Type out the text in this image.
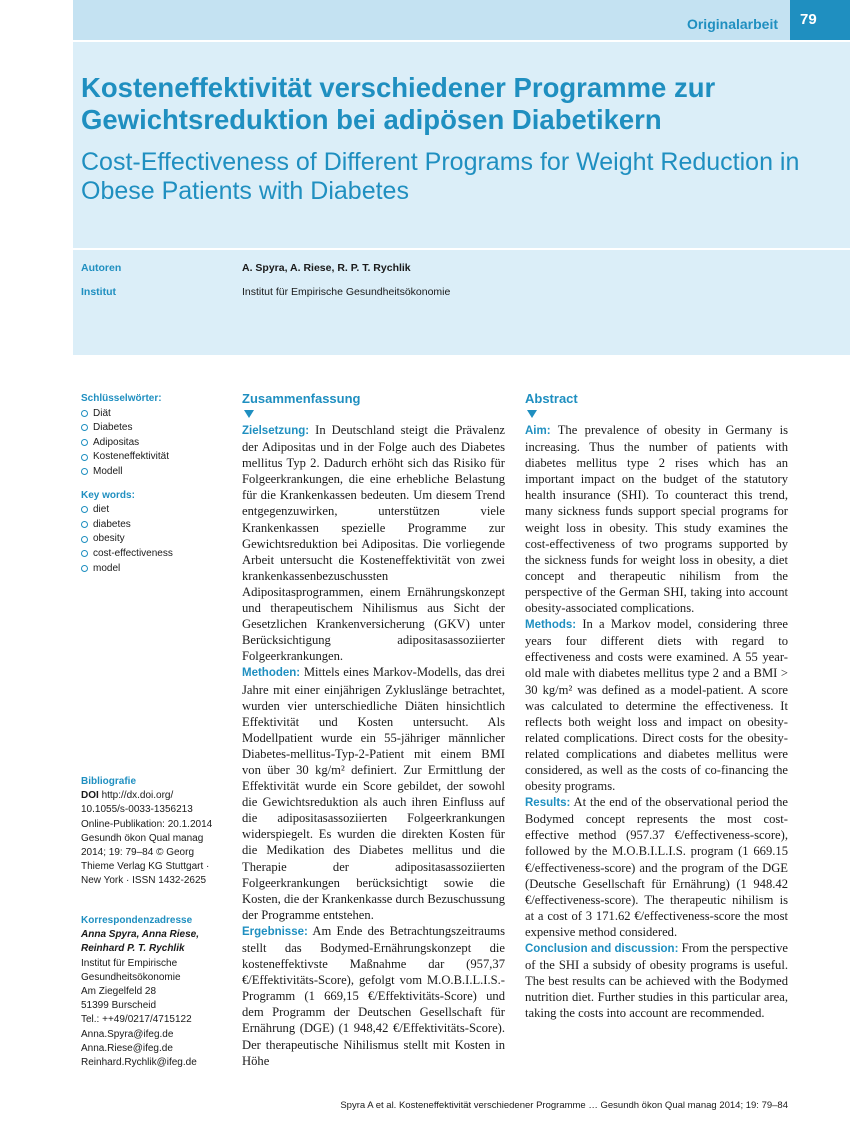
Originalarbeit	79
Kosteneffektivität verschiedener Programme zur Gewichtsreduktion bei adipösen Diabetikern
Cost-Effectiveness of Different Programs for Weight Reduction in Obese Patients with Diabetes
Autoren	A. Spyra, A. Riese, R. P. T. Rychlik
Institut	Institut für Empirische Gesundheitsökonomie
Schlüsselwörter:
Diät
Diabetes
Adipositas
Kosteneffektivität
Modell
Key words:
diet
diabetes
obesity
cost-effectiveness
model
Bibliografie
DOI http://dx.doi.org/
10.1055/s-0033-1356213
Online-Publikation: 20.1.2014
Gesundh ökon Qual manag
2014; 19: 79–84 © Georg
Thieme Verlag KG Stuttgart ·
New York · ISSN 1432-2625
Korrespondenzadresse
Anna Spyra, Anna Riese,
Reinhard P. T. Rychlik
Institut für Empirische
Gesundheitsökonomie
Am Ziegelfeld 28
51399 Burscheid
Tel.: ++49/0217/4715122
Anna.Spyra@ifeg.de
Anna.Riese@ifeg.de
Reinhard.Rychlik@ifeg.de
Zusammenfassung

Zielsetzung: In Deutschland steigt die Prävalenz der Adipositas und in der Folge auch des Diabetes mellitus Typ 2. Dadurch erhöht sich das Risiko für Folgeerkrankungen, die eine erhebliche Belastung für die Krankenkassen bedeuten. Um diesem Trend entgegenzuwirken, unterstützen viele Krankenkassen spezielle Programme zur Gewichtsreduktion bei Adipositas. Die vorliegende Arbeit untersucht die Kosteneffektivität von zwei krankenkassenbezuschussten Adipositasprogrammen, einem Ernährungskonzept und therapeutischem Nihilismus aus Sicht der Gesetzlichen Krankenversicherung (GKV) unter Berücksichtigung adipositasassoziierter Folgeerkrankungen.

Methoden: Mittels eines Markov-Modells, das drei Jahre mit einer einjährigen Zykluslänge betrachtet, wurden vier unterschiedliche Diäten hinsichtlich Effektivität und Kosten untersucht. Als Modellpatient wurde ein 55-jähriger männlicher Diabetes-mellitus-Typ-2-Patient mit einem BMI von über 30 kg/m² definiert. Zur Ermittlung der Effektivität wurde ein Score gebildet, der sowohl die Gewichtsreduktion als auch ihren Einfluss auf die adipositasassoziierten Folgeerkrankungen widerspiegelt. Es wurden die direkten Kosten für die Medikation des Diabetes mellitus und die Therapie der adipositasassoziierten Folgeerkrankungen berücksichtigt sowie die Kosten, die der Krankenkasse durch Bezuschussung der Programme entstehen.

Ergebnisse: Am Ende des Betrachtungszeitraums stellt das Bodymed-Ernährungskonzept die kosteneffektivste Maßnahme dar (957,37 €/Effektivitäts-Score), gefolgt vom M.O.B.I.L.I.S.-Programm (1 669,15 €/Effektivitäts-Score) und dem Programm der Deutschen Gesellschaft für Ernährung (DGE) (1 948,42 €/Effektivitäts-Score). Der therapeutische Nihilismus stellt mit Kosten in Höhe

Abstract

Aim: The prevalence of obesity in Germany is increasing. Thus the number of patients with diabetes mellitus type 2 rises which has an important impact on the budget of the statutory health insurance (SHI). To counteract this trend, many sickness funds support special programs for weight loss in obesity. This study examines the cost-effectiveness of two programs supported by the sickness funds for weight loss in obesity, a diet concept and therapeutic nihilism from the perspective of the German SHI, taking into account obesity-associated complications.

Methods: In a Markov model, considering three years four different diets with regard to effectiveness and costs were examined. A 55 year-old male with diabetes mellitus type 2 and a BMI > 30 kg/m² was defined as a model-patient. A score was calculated to determine the effectiveness. It reflects both weight loss and impact on obesity-related complications. Direct costs for the obesity-related complications and diabetes mellitus were considered, as well as the costs of co-financing the obesity programs.

Results: At the end of the observational period the Bodymed concept represents the most cost-effective method (957.37 €/effectiveness-score), followed by the M.O.B.I.L.I.S. program (1 669.15 €/effectiveness-score) and the program of the DGE (Deutsche Gesellschaft für Ernährung) (1 948.42 €/effectiveness-score). The therapeutic nihilism is at a cost of 3 171.62 €/effectiveness-score the most expensive method considered.

Conclusion and discussion: From the perspective of the SHI a subsidy of obesity programs is useful. The best results can be achieved with the Bodymed nutrition diet. Further studies in this particular area, taking the costs into account are recommended.

Spyra A et al. Kosteneffektivität verschiedener Programme … Gesundh ökon Qual manag 2014; 19: 79–84
